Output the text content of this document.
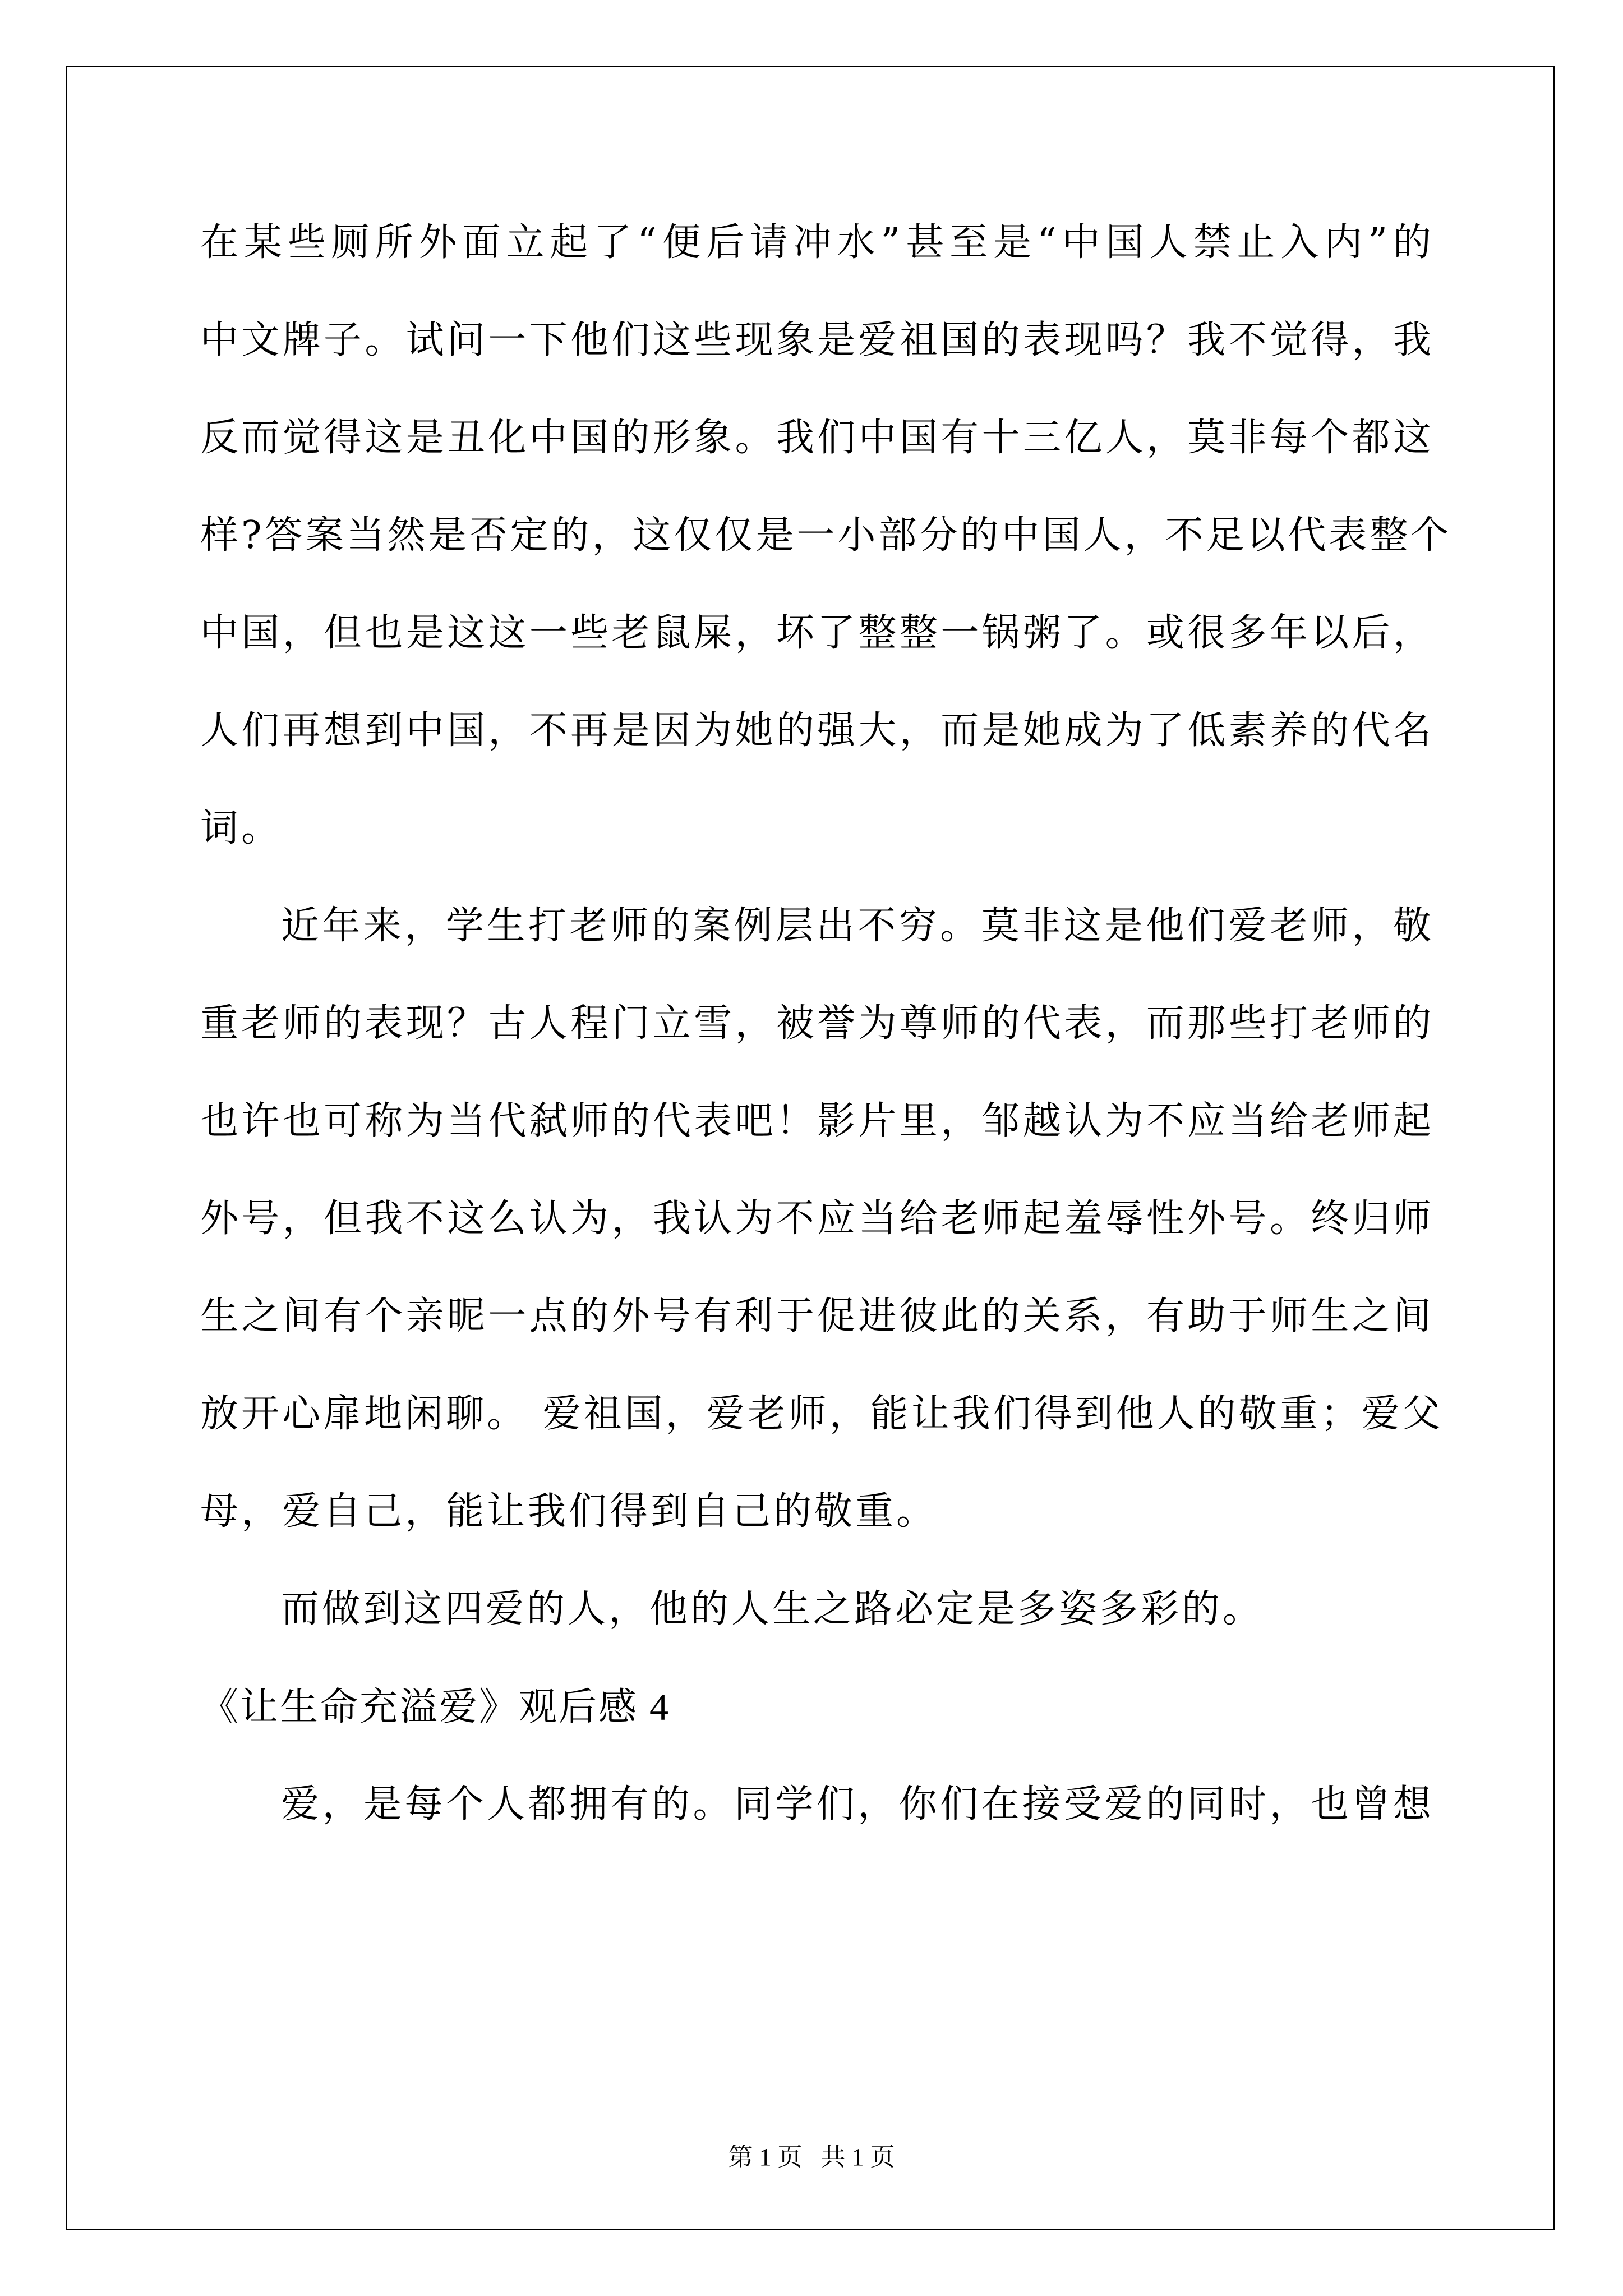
在某些厕所外面立起了“便后请冲水”甚至是“中国人禁止入内”的
中文牌子。试问一下他们这些现象是爱祖国的表现吗？我不觉得，我
反而觉得这是丑化中国的形象。我们中国有十三亿人，莫非每个都这
样?答案当然是否定的，这仅仅是一小部分的中国人，不足以代表整个
中国，但也是这这一些老鼠屎，坏了整整一锅粥了。或很多年以后，
人们再想到中国，不再是因为她的强大，而是她成为了低素养的代名
词。
近年来，学生打老师的案例层出不穷。莫非这是他们爱老师，敬
重老师的表现？古人程门立雪，被誉为尊师的代表，而那些打老师的
也许也可称为当代弑师的代表吧！影片里，邹越认为不应当给老师起
外号，但我不这么认为，我认为不应当给老师起羞辱性外号。终归师
生之间有个亲昵一点的外号有利于促进彼此的关系，有助于师生之间
放开心扉地闲聊。 爱祖国，爱老师，能让我们得到他人的敬重；爱父
母，爱自己，能让我们得到自己的敬重。
而做到这四爱的人，他的人生之路必定是多姿多彩的。
《让生命充溢爱》观后感 4
爱，是每个人都拥有的。同学们，你们在接受爱的同时，也曾想
第 1 页   共 1 页
